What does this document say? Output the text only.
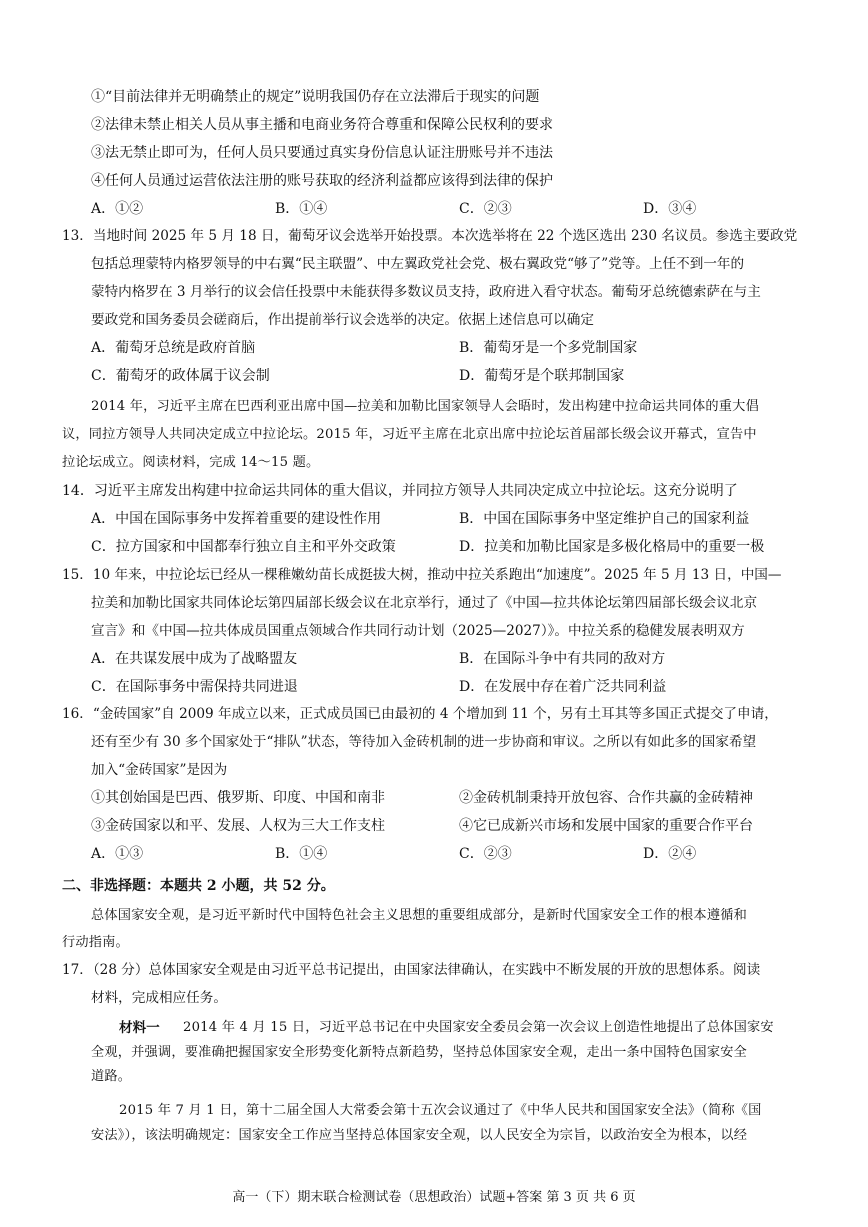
①“目前法律并无明确禁止的规定”说明我国仍存在立法滞后于现实的问题
②法律未禁止相关人员从事主播和电商业务符合尊重和保障公民权利的要求
③法无禁止即可为，任何人员只要通过真实身份信息认证注册账号并不违法
④任何人员通过运营依法注册的账号获取的经济利益都应该得到法律的保护
A．①②	B．①④	C．②③	D．③④
13．当地时间 2025 年 5 月 18 日，葡萄牙议会选举开始投票。本次选举将在 22 个选区选出 230 名议员。参选主要政党
包括总理蒙特内格罗领导的中右翼“民主联盟”、中左翼政党社会党、极右翼政党“够了”党等。上任不到一年的
蒙特内格罗在 3 月举行的议会信任投票中未能获得多数议员支持，政府进入看守状态。葡萄牙总统德索萨在与主
要政党和国务委员会磋商后，作出提前举行议会选举的决定。依据上述信息可以确定
A．葡萄牙总统是政府首脑	B．葡萄牙是一个多党制国家
C．葡萄牙的政体属于议会制	D．葡萄牙是个联邦制国家
2014 年，习近平主席在巴西利亚出席中国—拉美和加勒比国家领导人会晤时，发出构建中拉命运共同体的重大倡
议，同拉方领导人共同决定成立中拉论坛。2015 年，习近平主席在北京出席中拉论坛首届部长级会议开幕式，宣告中
拉论坛成立。阅读材料，完成 14～15 题。
14．习近平主席发出构建中拉命运共同体的重大倡议，并同拉方领导人共同决定成立中拉论坛。这充分说明了
A．中国在国际事务中发挥着重要的建设性作用	B．中国在国际事务中坚定维护自己的国家利益
C．拉方国家和中国都奉行独立自主和平外交政策	D．拉美和加勒比国家是多极化格局中的重要一极
15．10 年来，中拉论坛已经从一棵稚嫩幼苗长成挺拔大树，推动中拉关系跑出“加速度”。2025 年 5 月 13 日，中国—
拉美和加勒比国家共同体论坛第四届部长级会议在北京举行，通过了《中国—拉共体论坛第四届部长级会议北京
宣言》和《中国—拉共体成员国重点领域合作共同行动计划（2025—2027）》。中拉关系的稳健发展表明双方
A．在共谋发展中成为了战略盟友	B．在国际斗争中有共同的敌对方
C．在国际事务中需保持共同进退	D．在发展中存在着广泛共同利益
16．“金砖国家”自 2009 年成立以来，正式成员国已由最初的 4 个增加到 11 个，另有土耳其等多国正式提交了申请，
还有至少有 30 多个国家处于“排队”状态，等待加入金砖机制的进一步协商和审议。之所以有如此多的国家希望
加入“金砖国家”是因为
①其创始国是巴西、俄罗斯、印度、中国和南非	②金砖机制秉持开放包容、合作共赢的金砖精神
③金砖国家以和平、发展、人权为三大工作支柱	④它已成新兴市场和发展中国家的重要合作平台
A．①③	B．①④	C．②③	D．②④
二、非选择题：本题共 2 小题，共 52 分。
总体国家安全观，是习近平新时代中国特色社会主义思想的重要组成部分，是新时代国家安全工作的根本遵循和
行动指南。
17．（28 分）总体国家安全观是由习近平总书记提出，由国家法律确认，在实践中不断发展的开放的思想体系。阅读
材料，完成相应任务。
材料一 2014 年 4 月 15 日，习近平总书记在中央国家安全委员会第一次会议上创造性地提出了总体国家安
全观，并强调，要准确把握国家安全形势变化新特点新趋势，坚持总体国家安全观，走出一条中国特色国家安全
道路。
2015 年 7 月 1 日，第十二届全国人大常委会第十五次会议通过了《中华人民共和国国家安全法》（简称《国
安法》），该法明确规定：国家安全工作应当坚持总体国家安全观，以人民安全为宗旨，以政治安全为根本，以经
高一（下）期末联合检测试卷（思想政治）试题+答案 第 3 页 共 6 页
